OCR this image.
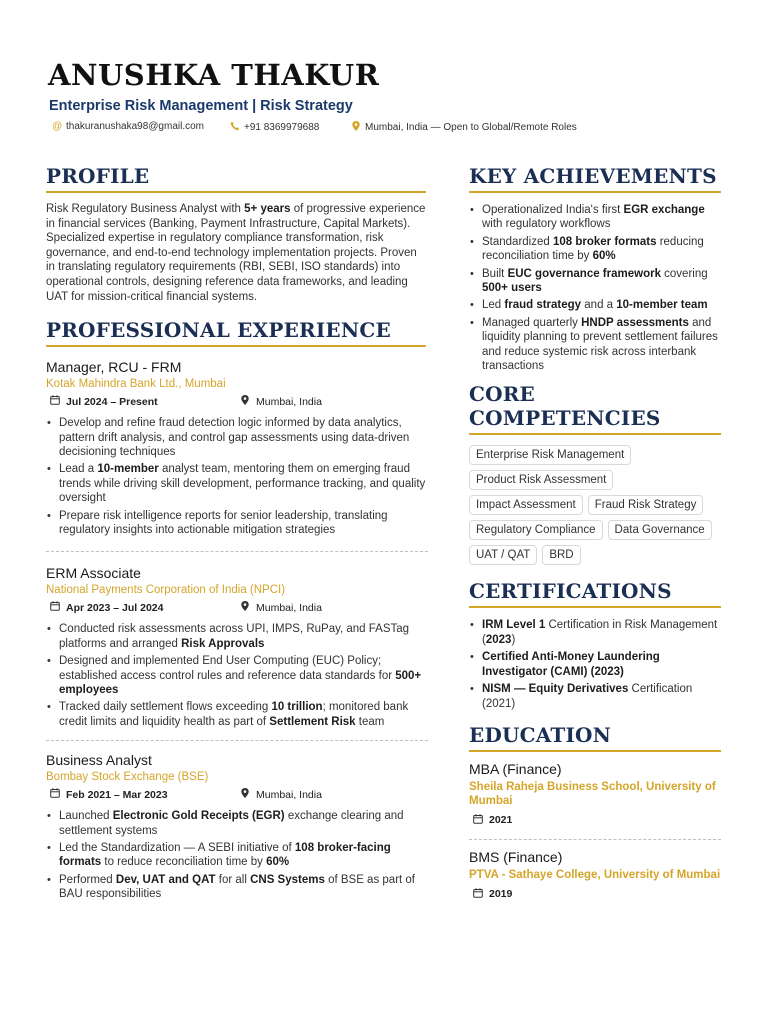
ANUSHKA THAKUR
Enterprise Risk Management | Risk Strategy
@ thakuranushaka98@gmail.com	+91 8369979688	Mumbai, India — Open to Global/Remote Roles
PROFILE

Risk Regulatory Business Analyst with 5+ years of progressive experience in financial services (Banking, Payment Infrastructure, Capital Markets). Specialized expertise in regulatory compliance transformation, risk governance, and end-to-end technology implementation projects. Proven in translating regulatory requirements (RBI, SEBI, ISO standards) into operational controls, designing reference data frameworks, and leading UAT for mission-critical financial systems.

PROFESSIONAL EXPERIENCE
Manager, RCU - FRM
Kotak Mahindra Bank Ltd., Mumbai
Jul 2024 – Present	Mumbai, India
• Develop and refine fraud detection logic informed by data analytics, pattern drift analysis, and control gap assessments using data-driven decisioning techniques
• Lead a 10-member analyst team, mentoring them on emerging fraud trends while driving skill development, performance tracking, and quality oversight
• Prepare risk intelligence reports for senior leadership, translating regulatory insights into actionable mitigation strategies
ERM Associate
National Payments Corporation of India (NPCI)
Apr 2023 – Jul 2024	Mumbai, India
• Conducted risk assessments across UPI, IMPS, RuPay, and FASTag platforms and arranged Risk Approvals
• Designed and implemented End User Computing (EUC) Policy; established access control rules and reference data standards for 500+ employees
• Tracked daily settlement flows exceeding 10 trillion; monitored bank credit limits and liquidity health as part of Settlement Risk team
Business Analyst
Bombay Stock Exchange (BSE)
Feb 2021 – Mar 2023	Mumbai, India
• Launched Electronic Gold Receipts (EGR) exchange clearing and settlement systems
• Led the Standardization — A SEBI initiative of 108 broker-facing formats to reduce reconciliation time by 60%
• Performed Dev, UAT and QAT for all CNS Systems of BSE as part of BAU responsibilities
KEY ACHIEVEMENTS
• Operationalized India's first EGR exchange with regulatory workflows
• Standardized 108 broker formats reducing reconciliation time by 60%
• Built EUC governance framework covering 500+ users
• Led fraud strategy and a 10-member team
• Managed quarterly HNDP assessments and liquidity planning to prevent settlement failures and reduce systemic risk across interbank transactions
CORE COMPETENCIES
Enterprise Risk Management
Product Risk Assessment
Impact Assessment	Fraud Risk Strategy
Regulatory Compliance	Data Governance
UAT / QAT	BRD
CERTIFICATIONS
• IRM Level 1 Certification in Risk Management (2023)
• Certified Anti-Money Laundering Investigator (CAMI) (2023)
• NISM — Equity Derivatives Certification (2021)
EDUCATION
MBA (Finance)
Sheila Raheja Business School, University of Mumbai
2021
BMS (Finance)
PTVA - Sathaye College, University of Mumbai
2019
